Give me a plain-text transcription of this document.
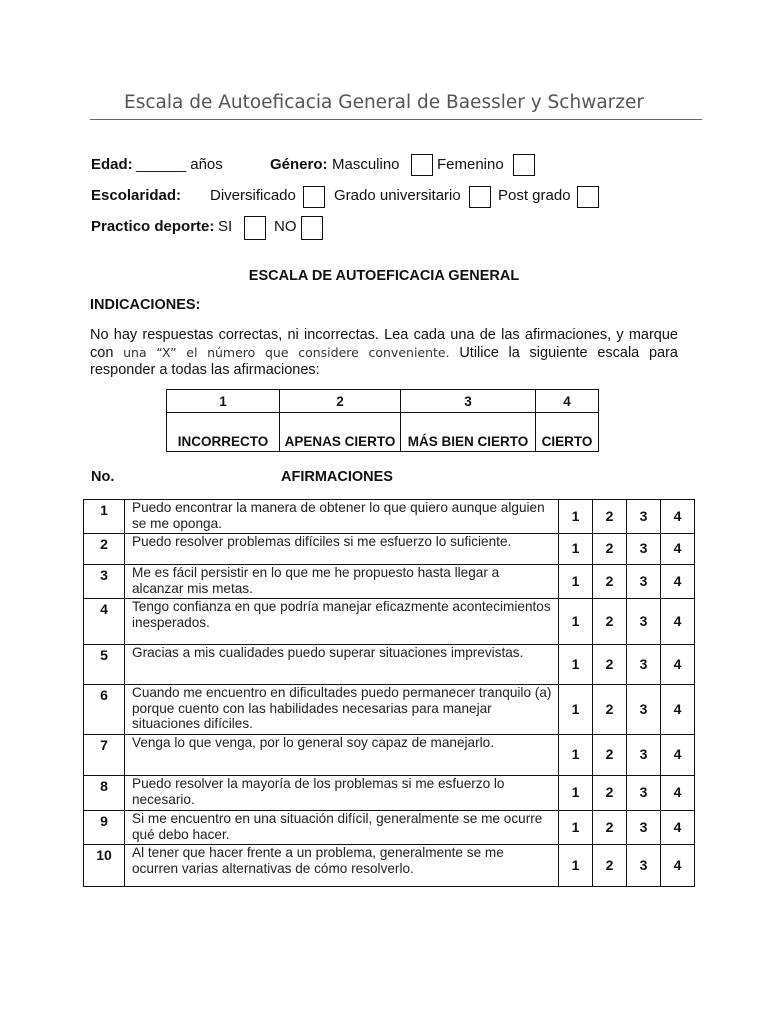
Escala de Autoeficacia General de Baessler y Schwarzer
Edad: ______ años	Género: Masculino Femenino
Escolaridad: Diversificado	Grado universitario Post grado
Practico deporte: SI	NO
ESCALA DE AUTOEFICACIA GENERAL
INDICACIONES:
No hay respuestas correctas, ni incorrectas. Lea cada una de las afirmaciones, y marque con una “X” el número que considere conveniente. Utilice la siguiente escala para responder a todas las afirmaciones:
1	2	3	4
INCORRECTO	APENAS CIERTO	MÁS BIEN CIERTO	CIERTO
No.	AFIRMACIONES
1	Puedo encontrar la manera de obtener lo que quiero aunque alguien se me oponga.	1	2	3	4
2	Puedo resolver problemas difíciles si me esfuerzo lo suficiente.	1	2	3	4
3	Me es fácil persistir en lo que me he propuesto hasta llegar a alcanzar mis metas.	1	2	3	4
4	Tengo confianza en que podría manejar eficazmente acontecimientos inesperados.	1	2	3	4
5	Gracias a mis cualidades puedo superar situaciones imprevistas.	1	2	3	4
6	Cuando me encuentro en dificultades puedo permanecer tranquilo (a) porque cuento con las habilidades necesarias para manejar situaciones difíciles.	1	2	3	4
7	Venga lo que venga, por lo general soy capaz de manejarlo.	1	2	3	4
8	Puedo resolver la mayoría de los problemas si me esfuerzo lo necesario.	1	2	3	4
9	Si me encuentro en una situación difícil, generalmente se me ocurre qué debo hacer.	1	2	3	4
10	Al tener que hacer frente a un problema, generalmente se me ocurren varias alternativas de cómo resolverlo.	1	2	3	4
